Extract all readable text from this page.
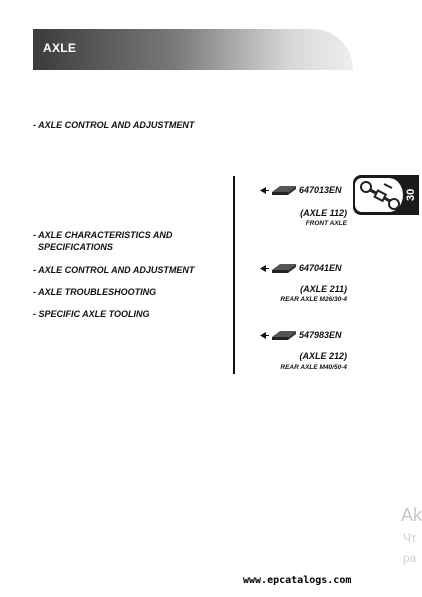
AXLE
- AXLE CONTROL AND ADJUSTMENT
- AXLE CHARACTERISTICS AND
SPECIFICATIONS
- AXLE CONTROL AND ADJUSTMENT
- AXLE TROUBLESHOOTING
- SPECIFIC AXLE TOOLING
647013EN
(AXLE 112)
FRONT AXLE
647041EN
(AXLE 211)
REAR AXLE M26/30-4
547983EN
(AXLE 212)
REAR AXLE M40/50-4
30
Ak
Чт
ра
www.epcatalogs.com
